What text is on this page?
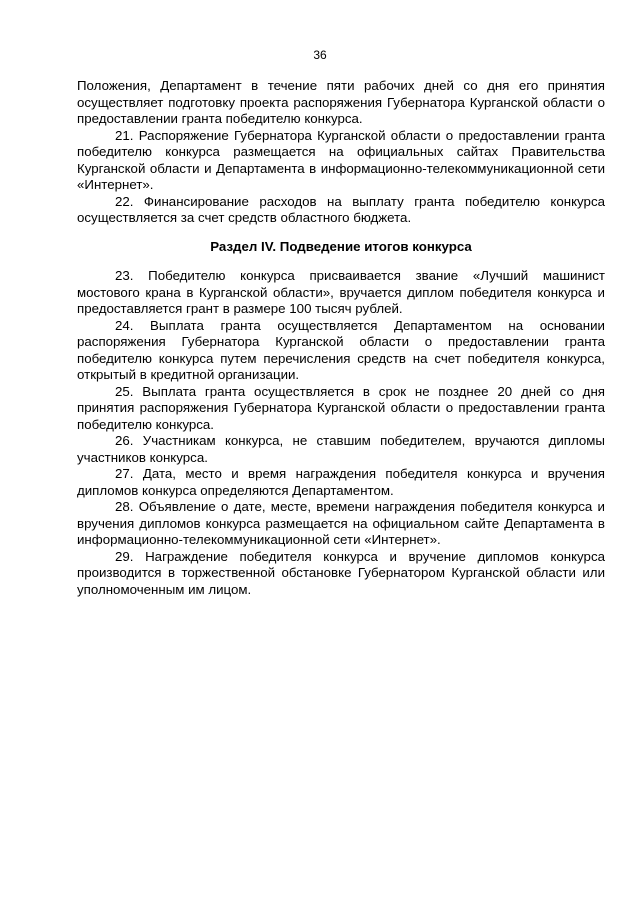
36

Положения, Департамент в течение пяти рабочих дней со дня его принятия осуществляет подготовку проекта распоряжения Губернатора Курганской области о предоставлении гранта победителю конкурса.

21. Распоряжение Губернатора Курганской области о предоставлении гранта победителю конкурса размещается на официальных сайтах Правительства Курганской области и Департамента в информационно-телекоммуникационной сети «Интернет».

22. Финансирование расходов на выплату гранта победителю конкурса осуществляется за счет средств областного бюджета.

Раздел IV. Подведение итогов конкурса

23. Победителю конкурса присваивается звание «Лучший машинист мостового крана в Курганской области», вручается диплом победителя конкурса и предоставляется грант в размере 100 тысяч рублей.

24. Выплата гранта осуществляется Департаментом на основании распоряжения Губернатора Курганской области о предоставлении гранта победителю конкурса путем перечисления средств на счет победителя конкурса, открытый в кредитной организации.

25. Выплата гранта осуществляется в срок не позднее 20 дней со дня принятия распоряжения Губернатора Курганской области о предоставлении гранта победителю конкурса.

26. Участникам конкурса, не ставшим победителем, вручаются дипломы участников конкурса.

27. Дата, место и время награждения победителя конкурса и вручения дипломов конкурса определяются Департаментом.

28. Объявление о дате, месте, времени награждения победителя конкурса и вручения дипломов конкурса размещается на официальном сайте Департамента в информационно-телекоммуникационной сети «Интернет».

29. Награждение победителя конкурса и вручение дипломов конкурса производится в торжественной обстановке Губернатором Курганской области или уполномоченным им лицом.
